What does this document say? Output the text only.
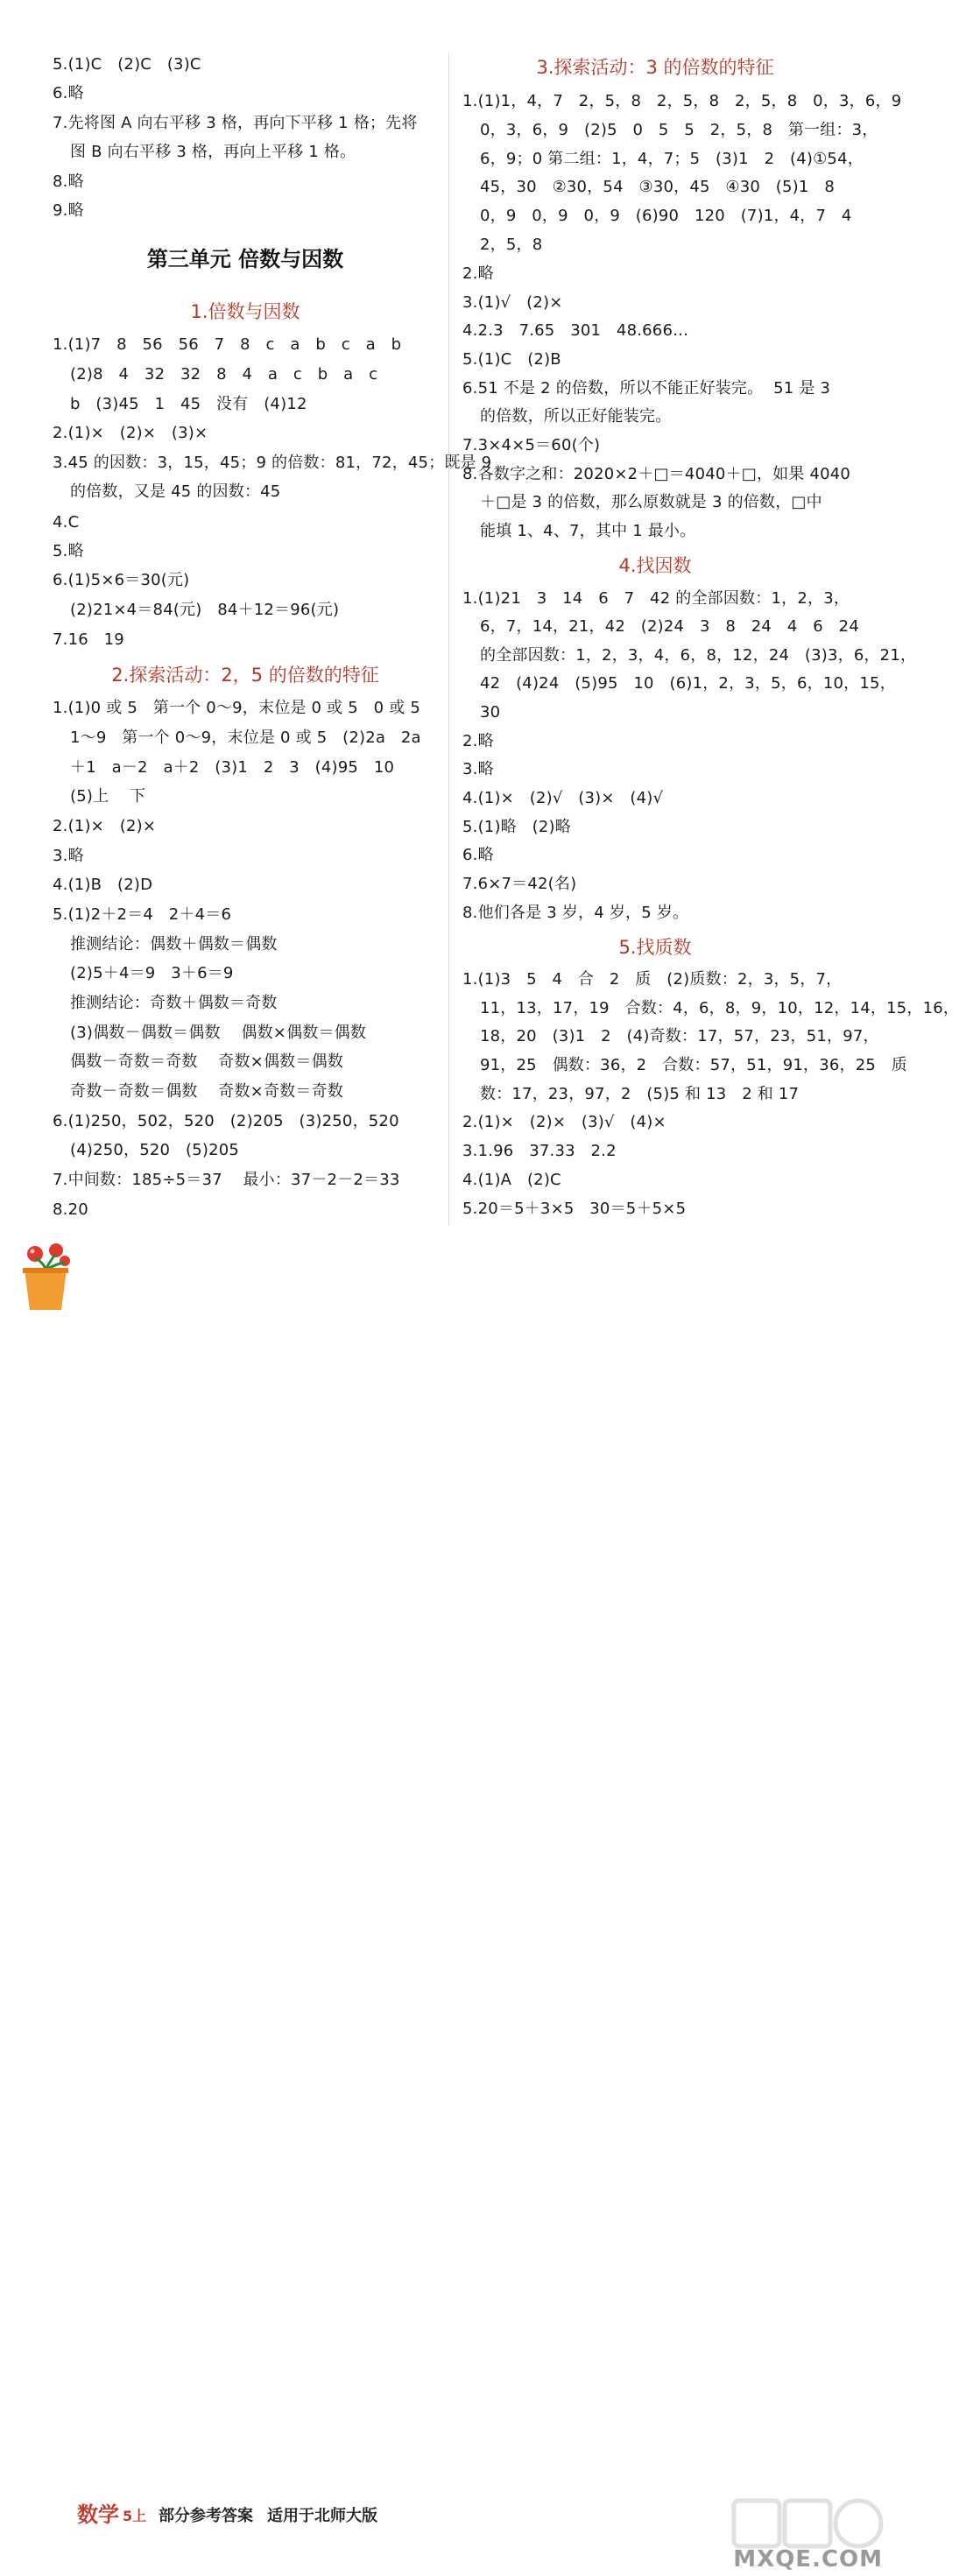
5.(1)C   (2)C   (3)C
6.略
7.先将图 A 向右平移 3 格，再向下平移 1 格；先将
图 B 向右平移 3 格，再向上平移 1 格。
8.略
9.略
第三单元 倍数与因数
1.倍数与因数
1.(1)7   8   56   56   7   8   c   a   b   c   a   b
(2)8   4   32   32   8   4   a   c   b   a   c
b   (3)45   1   45   没有   (4)12
2.(1)×   (2)×   (3)×
3.45 的因数：3，15，45；9 的倍数：81，72，45；既是 9
的倍数，又是 45 的因数：45
4.C
5.略
6.(1)5×6＝30(元)
(2)21×4＝84(元)   84＋12＝96(元)
7.16   19
2.探索活动：2，5 的倍数的特征
1.(1)0 或 5   第一个 0～9，末位是 0 或 5   0 或 5
1～9   第一个 0～9，末位是 0 或 5   (2)2a   2a
＋1   a－2   a＋2   (3)1   2   3   (4)95   10
(5)上    下
2.(1)×   (2)×
3.略
4.(1)B   (2)D
5.(1)2＋2＝4   2＋4＝6
推测结论：偶数＋偶数＝偶数
(2)5＋4＝9   3＋6＝9
推测结论：奇数＋偶数＝奇数
(3)偶数－偶数＝偶数    偶数×偶数＝偶数
偶数－奇数＝奇数    奇数×偶数＝偶数
奇数－奇数＝偶数    奇数×奇数＝奇数
6.(1)250，502，520   (2)205   (3)250，520
(4)250，520   (5)205
7.中间数：185÷5＝37    最小：37－2－2＝33
8.20
3.探索活动：3 的倍数的特征
1.(1)1，4，7   2，5，8   2，5，8   2，5，8   0，3，6，9
0，3，6，9   (2)5   0   5   5   2，5，8   第一组：3，
6，9；0 第二组：1，4，7；5   (3)1   2   (4)①54，
45，30   ②30，54   ③30，45   ④30   (5)1   8
0，9   0，9   0，9   (6)90   120   (7)1，4，7   4
2，5，8
2.略
3.(1)√   (2)×
4.2.3   7.65   301   48.666…
5.(1)C   (2)B
6.51 不是 2 的倍数，所以不能正好装完。  51 是 3
的倍数，所以正好能装完。
7.3×4×5＝60(个)
8.各数字之和：2020×2＋□＝4040＋□，如果 4040
＋□是 3 的倍数，那么原数就是 3 的倍数，□中
能填 1、4、7，其中 1 最小。
4.找因数
1.(1)21   3   14   6   7   42 的全部因数：1，2，3，
6，7，14，21，42   (2)24   3   8   24   4   6   24
的全部因数：1，2，3，4，6，8，12，24   (3)3，6，21，
42   (4)24   (5)95   10   (6)1，2，3，5，6，10，15，
30
2.略
3.略
4.(1)×   (2)√   (3)×   (4)√
5.(1)略   (2)略
6.略
7.6×7＝42(名)
8.他们各是 3 岁，4 岁，5 岁。
5.找质数
1.(1)3   5   4   合   2   质   (2)质数：2，3，5，7，
11，13，17，19   合数：4，6，8，9，10，12，14，15，16，
18，20   (3)1   2   (4)奇数：17，57，23，51，97，
91，25   偶数：36，2   合数：57，51，91，36，25   质
数：17，23，97，2   (5)5 和 13   2 和 17
2.(1)×   (2)×   (3)√   (4)×
3.1.96   37.33   2.2
4.(1)A   (2)C
5.20＝5＋3×5   30＝5＋5×5
4	数学 5上 部分参考答案 适用于北师大版
MXQE.COM
